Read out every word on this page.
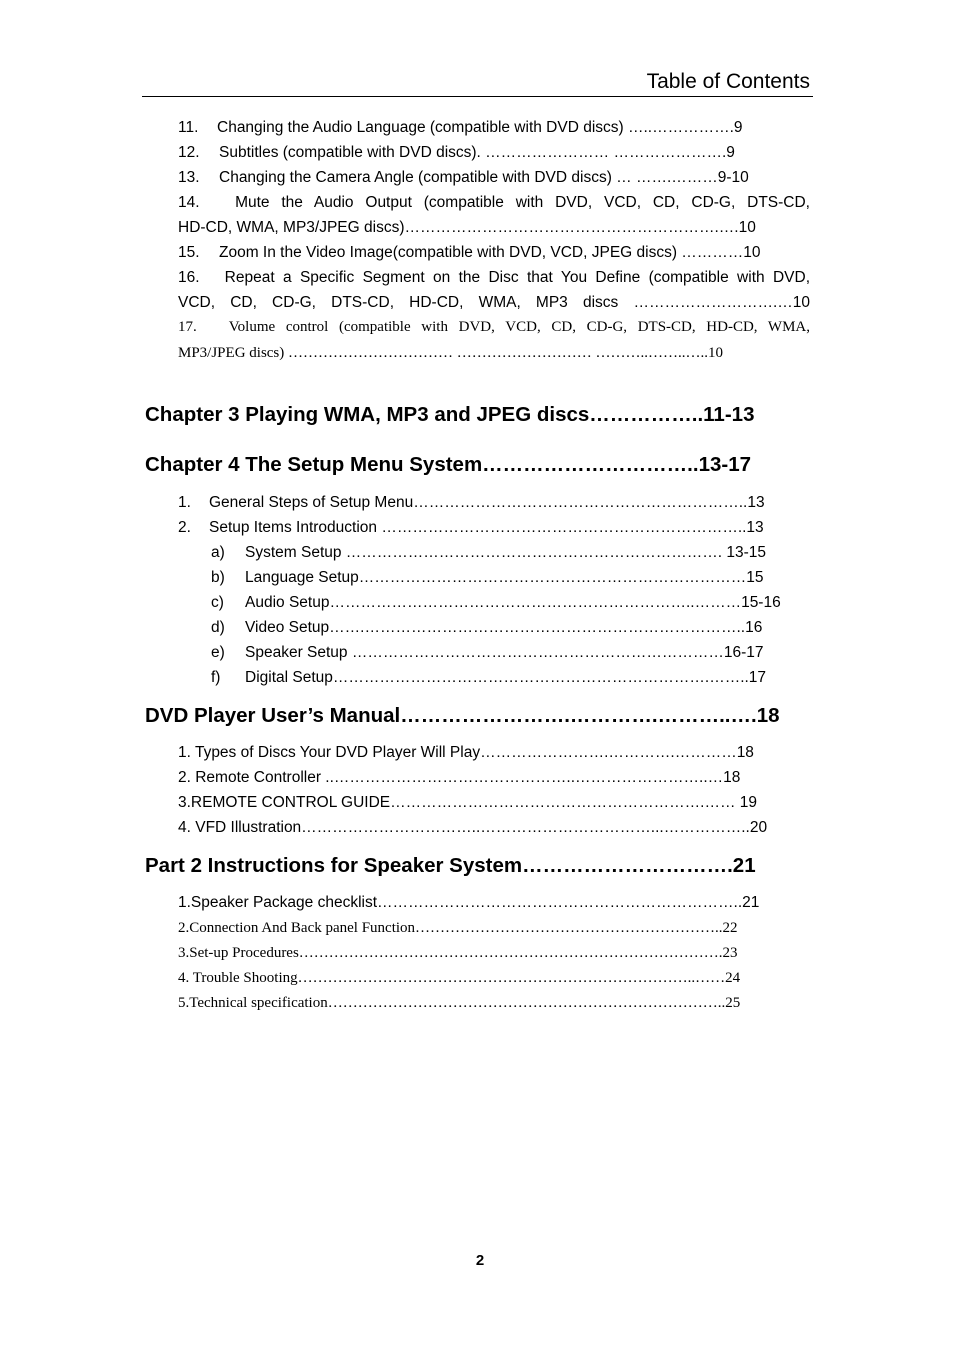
Table of Contents
11. Changing the Audio Language (compatible with DVD discs) …..…………….9
12. Subtitles (compatible with DVD discs). …………………… ………………….9
13. Changing the Camera Angle (compatible with DVD discs) … …….………9-10
14. Mute the Audio Output (compatible with DVD, VCD, CD, CD-G, DTS-CD,
HD-CD, WMA, MP3/JPEG discs)…………………………………………………….….10
15. Zoom In the Video Image(compatible with DVD, VCD, JPEG discs) …………10
16. Repeat a Specific Segment on the Disc that You Define (compatible with DVD,
VCD, CD, CD-G, DTS-CD, HD-CD, WMA, MP3 discs ……………………….…10
17. Volume control (compatible with DVD, VCD, CD, CD-G, DTS-CD, HD-CD, WMA,
MP3/JPEG discs) …………………………… ……………………… ………..……..…..10
Chapter 3 Playing WMA, MP3 and JPEG discs……………..11-13
Chapter 4 The Setup Menu System…………………………..13-17
1. General Steps of Setup Menu………………………………………………………..13
2. Setup Items Introduction ……………………………………………………………..13
a) System Setup ………………………………………………………………. 13-15
b) Language Setup…………………………………………………………………15
c) Audio Setup……………………………………………………………..………15-16
d) Video Setup…….………………………………………………………………..16
e) Speaker Setup ………………………………………………………………16-17
f) Digital Setup……………………………………………………………….……..17
DVD Player User’s Manual…………………….………….………..….18
1. Types of Discs Your DVD Player Will Play…………………….………….…………18
2. Remote Controller ..………………………………………..……………………..…18
3.REMOTE CONTROL GUIDE…………………………………………………….…… 19
4. VFD Illustration……………………………..……………………………...……………..20
Part 2 Instructions for Speaker System………………………….21
1.Speaker Package checklist……………………………………………………………..21
2.Connection And Back panel Function……………………………………………………..22
3.Set-up Procedures………………………………………………………………………….23
4. Trouble Shooting……………………………………………………………………..……24
5.Technical specification……………………………………………………………………..25
2
